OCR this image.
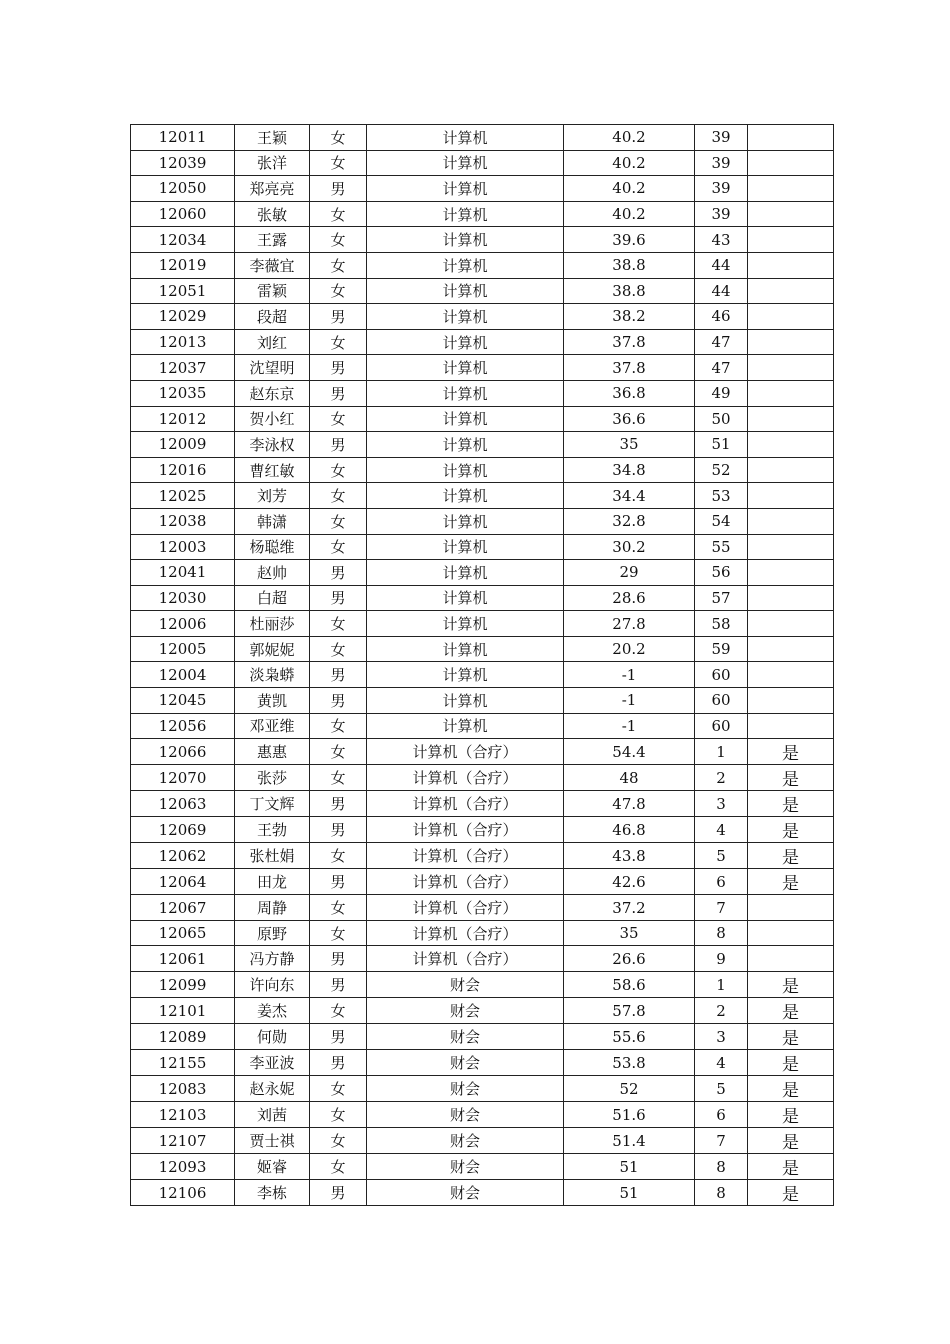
12011	王颖	女	计算机	40.2	39	
12039	张洋	女	计算机	40.2	39	
12050	郑亮亮	男	计算机	40.2	39	
12060	张敏	女	计算机	40.2	39	
12034	王露	女	计算机	39.6	43	
12019	李薇宜	女	计算机	38.8	44	
12051	雷颖	女	计算机	38.8	44	
12029	段超	男	计算机	38.2	46	
12013	刘红	女	计算机	37.8	47	
12037	沈望明	男	计算机	37.8	47	
12035	赵东京	男	计算机	36.8	49	
12012	贺小红	女	计算机	36.6	50	
12009	李泳权	男	计算机	35	51	
12016	曹红敏	女	计算机	34.8	52	
12025	刘芳	女	计算机	34.4	53	
12038	韩潇	女	计算机	32.8	54	
12003	杨聪维	女	计算机	30.2	55	
12041	赵帅	男	计算机	29	56	
12030	白超	男	计算机	28.6	57	
12006	杜丽莎	女	计算机	27.8	58	
12005	郭妮妮	女	计算机	20.2	59	
12004	淡枭蟒	男	计算机	-1	60	
12045	黄凯	男	计算机	-1	60	
12056	邓亚维	女	计算机	-1	60	
12066	惠惠	女	计算机（合疗）	54.4	1	是
12070	张莎	女	计算机（合疗）	48	2	是
12063	丁文辉	男	计算机（合疗）	47.8	3	是
12069	王勃	男	计算机（合疗）	46.8	4	是
12062	张杜娟	女	计算机（合疗）	43.8	5	是
12064	田龙	男	计算机（合疗）	42.6	6	是
12067	周静	女	计算机（合疗）	37.2	7	
12065	原野	女	计算机（合疗）	35	8	
12061	冯方静	男	计算机（合疗）	26.6	9	
12099	许向东	男	财会	58.6	1	是
12101	姜杰	女	财会	57.8	2	是
12089	何勋	男	财会	55.6	3	是
12155	李亚波	男	财会	53.8	4	是
12083	赵永妮	女	财会	52	5	是
12103	刘茜	女	财会	51.6	6	是
12107	贾士祺	女	财会	51.4	7	是
12093	姬睿	女	财会	51	8	是
12106	李栋	男	财会	51	8	是
